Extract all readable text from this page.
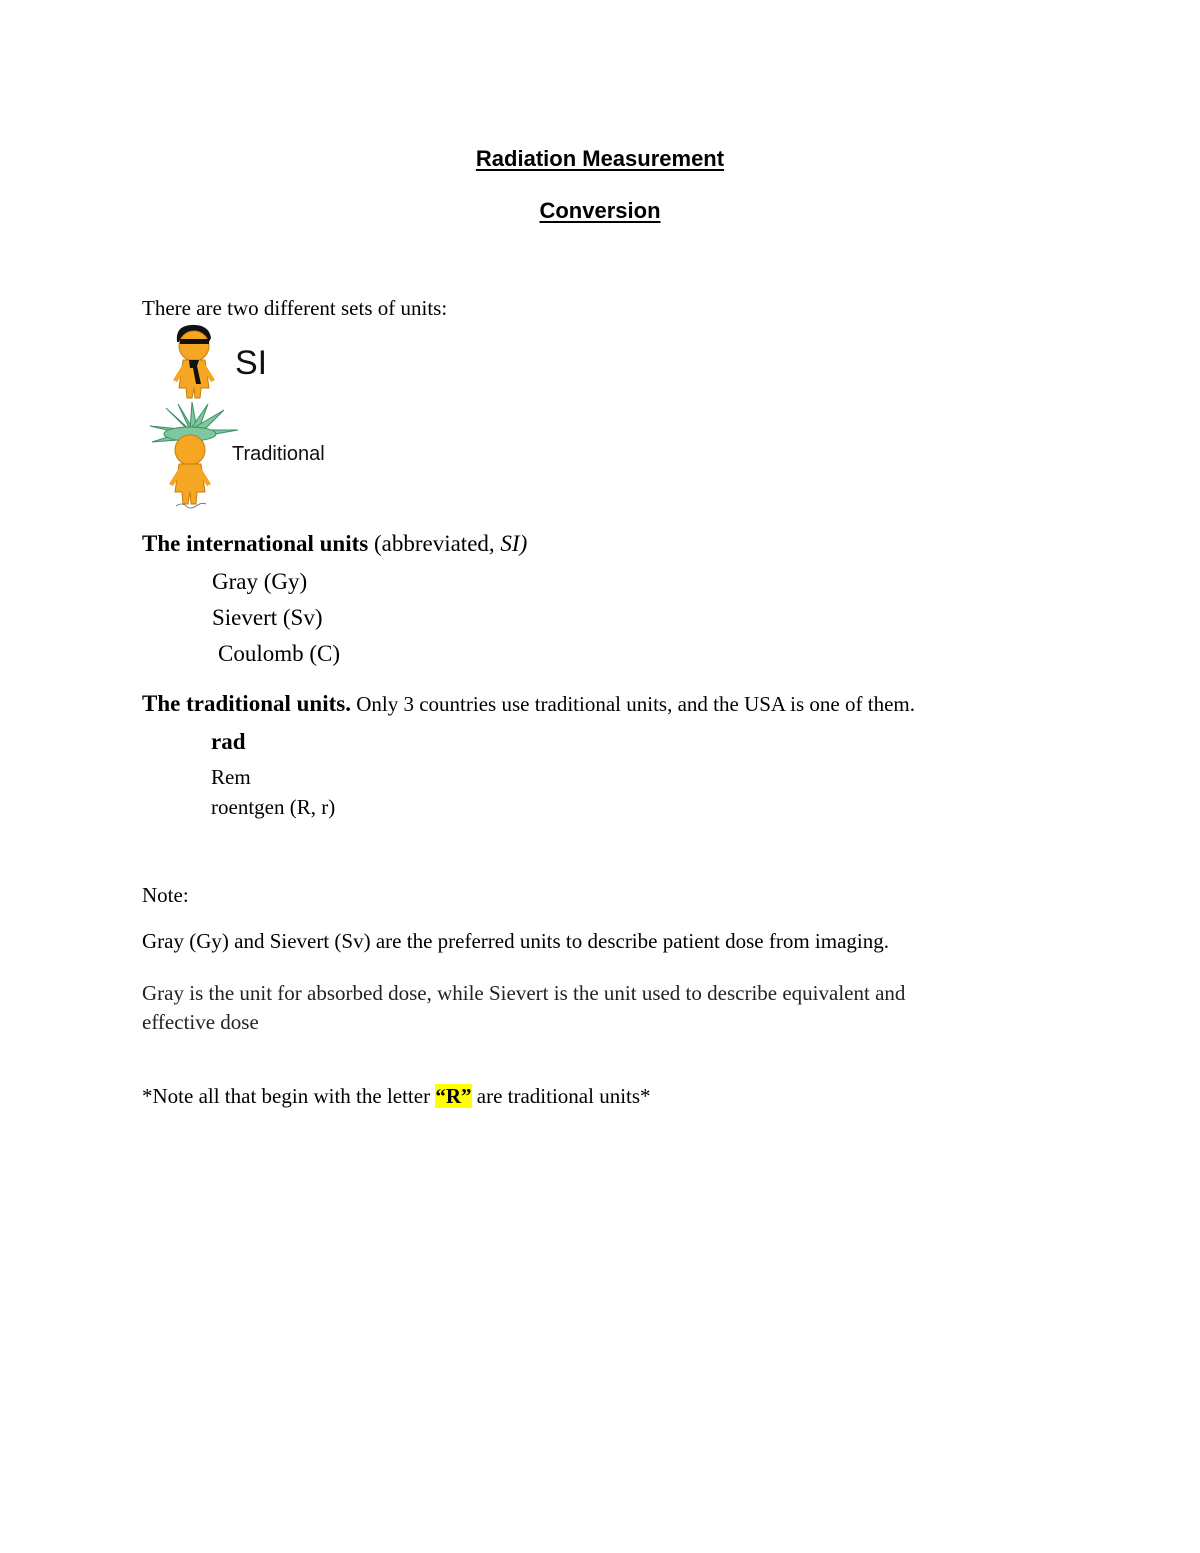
Radiation Measurement
Conversion
There are two different sets of units:
SI
Traditional
The international units (abbreviated, SI)
Gray (Gy)
Sievert (Sv)
Coulomb (C)
The traditional units. Only 3 countries use traditional units, and the USA is one of them.
rad
Rem
roentgen (R, r)
Note:
Gray (Gy) and Sievert (Sv) are the preferred units to describe patient dose from imaging.
Gray is the unit for absorbed dose, while Sievert is the unit used to describe equivalent and
effective dose
*Note all that begin with the letter “R” are traditional units*
